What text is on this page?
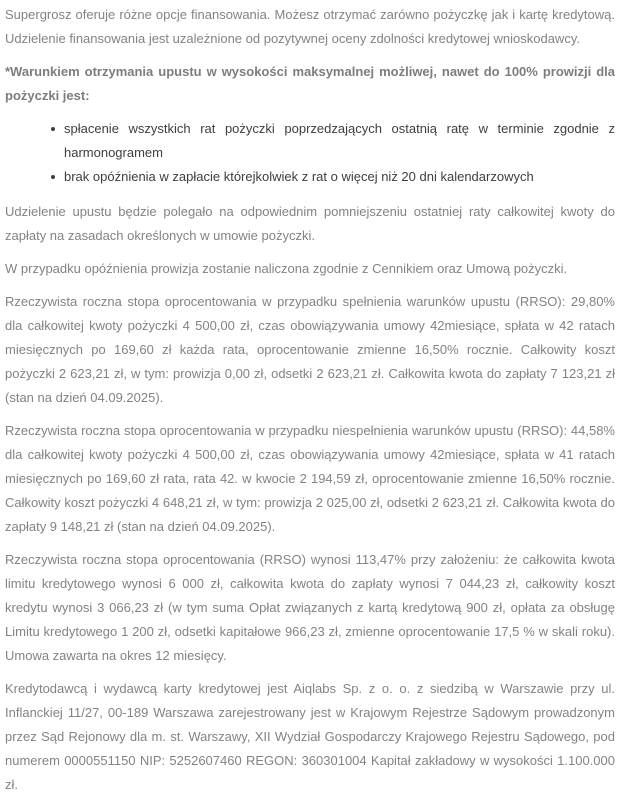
Supergrosz oferuje różne opcje finansowania. Możesz otrzymać zarówno pożyczkę jak i kartę kredytową. Udzielenie finansowania jest uzależnione od pozytywnej oceny zdolności kredytowej wnioskodawcy.

*Warunkiem otrzymania upustu w wysokości maksymalnej możliwej, nawet do 100% prowizji dla pożyczki jest:

spłacenie wszystkich rat pożyczki poprzedzających ostatnią ratę w terminie zgodnie z harmonogramem
brak opóźnienia w zapłacie którejkolwiek z rat o więcej niż 20 dni kalendarzowych

Udzielenie upustu będzie polegało na odpowiednim pomniejszeniu ostatniej raty całkowitej kwoty do zapłaty na zasadach określonych w umowie pożyczki.

W przypadku opóźnienia prowizja zostanie naliczona zgodnie z Cennikiem oraz Umową pożyczki.

Rzeczywista roczna stopa oprocentowania w przypadku spełnienia warunków upustu (RRSO): 29,80% dla całkowitej kwoty pożyczki 4 500,00 zł, czas obowiązywania umowy 42miesiące, spłata w 42 ratach miesięcznych po 169,60 zł każda rata, oprocentowanie zmienne 16,50% rocznie. Całkowity koszt pożyczki 2 623,21 zł, w tym: prowizja 0,00 zł, odsetki 2 623,21 zł. Całkowita kwota do zapłaty 7 123,21 zł (stan na dzień 04.09.2025).

Rzeczywista roczna stopa oprocentowania w przypadku niespełnienia warunków upustu (RRSO): 44,58% dla całkowitej kwoty pożyczki 4 500,00 zł, czas obowiązywania umowy 42miesiące, spłata w 41 ratach miesięcznych po 169,60 zł rata, rata 42. w kwocie 2 194,59 zł, oprocentowanie zmienne 16,50% rocznie. Całkowity koszt pożyczki 4 648,21 zł, w tym: prowizja 2 025,00 zł, odsetki 2 623,21 zł. Całkowita kwota do zapłaty 9 148,21 zł (stan na dzień 04.09.2025).

Rzeczywista roczna stopa oprocentowania (RRSO) wynosi 113,47% przy założeniu: że całkowita kwota limitu kredytowego wynosi 6 000 zł, całkowita kwota do zapłaty wynosi 7 044,23 zł, całkowity koszt kredytu wynosi 3 066,23 zł (w tym suma Opłat związanych z kartą kredytową 900 zł, opłata za obsługę Limitu kredytowego 1 200 zł, odsetki kapitałowe 966,23 zł, zmienne oprocentowanie 17,5 % w skali roku). Umowa zawarta na okres 12 miesięcy.

Kredytodawcą i wydawcą karty kredytowej jest Aiqlabs Sp. z o. o. z siedzibą w Warszawie przy ul. Inflanckiej 11/27, 00-189 Warszawa zarejestrowany jest w Krajowym Rejestrze Sądowym prowadzonym przez Sąd Rejonowy dla m. st. Warszawy, XII Wydział Gospodarczy Krajowego Rejestru Sądowego, pod numerem 0000551150 NIP: 5252607460 REGON: 360301004 Kapitał zakładowy w wysokości 1.100.000 zł.
